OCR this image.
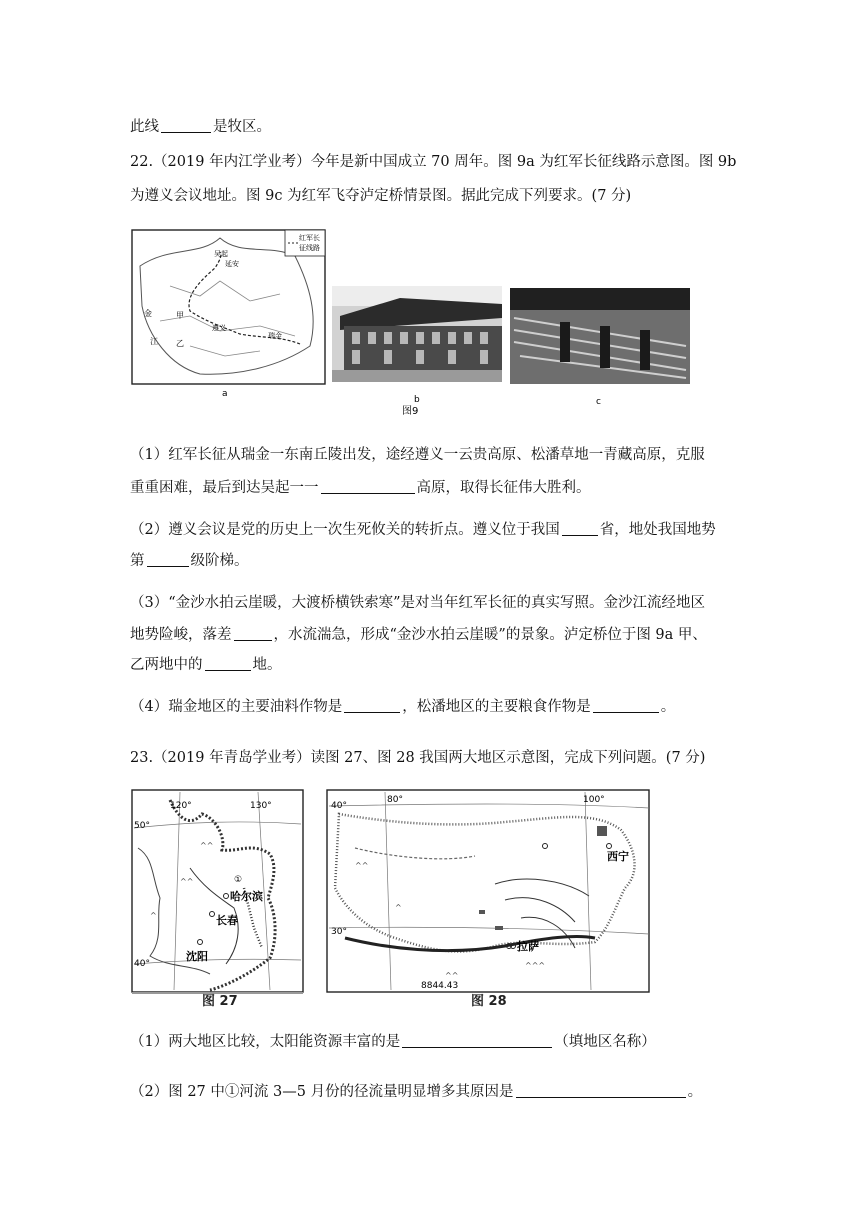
此线	是牧区。
22.（2019 年内江学业考）今年是新中国成立 70 周年。图 9a 为红军长征线路示意图。图 9b
为遵义会议地址。图 9c 为红军飞夺泸定桥情景图。据此完成下列要求。(7 分)
红军长
征线路
吴起
延安
遵义
瑞金
甲
乙
金
江
a
b
图9
c
（1）红军长征从瑞金一东南丘陵出发，途经遵义一云贵高原、松潘草地一青藏高原，克服
重重困难，最后到达吴起一一	高原，取得长征伟大胜利。
（2）遵义会议是党的历史上一次生死攸关的转折点。遵义位于我国	省，地处我国地势
第	级阶梯。
（3）“金沙水拍云崖暖，大渡桥横铁索寒”是对当年红军长征的真实写照。金沙江流经地区
地势险峻，落差	，水流湍急，形成“金沙水拍云崖暖”的景象。泸定桥位于图 9a 甲、
乙两地中的	地。
（4）瑞金地区的主要油料作物是	，松潘地区的主要粮食作物是	。
23.（2019 年青岛学业考）读图 27、图 28 我国两大地区示意图，完成下列问题。(7 分)
^^
^^
^
120°	130°
50°
40°
哈尔滨
长春
沈阳
①
图 27
^^
^
^^
^^^
40°
80°	100°
30°
西宁
拉萨
8844.43
图 28
（1）两大地区比较，太阳能资源丰富的是	（填地区名称）
（2）图 27 中①河流 3—5 月份的径流量明显增多其原因是	。
